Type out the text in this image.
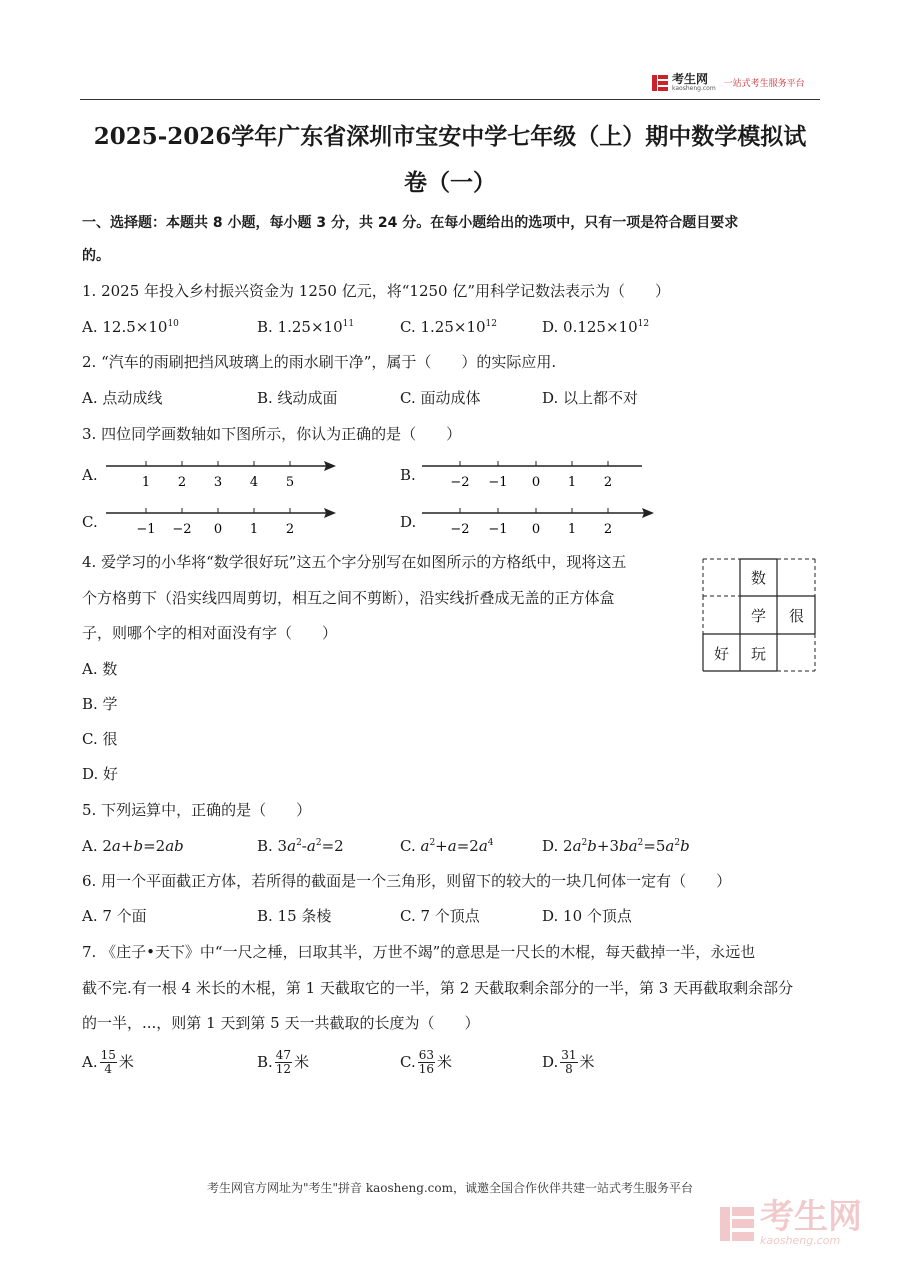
考生网
kaosheng.com 一站式考生服务平台
2025-2026学年广东省深圳市宝安中学七年级（上）期中数学模拟试
卷（一）
一、选择题：本题共 8 小题，每小题 3 分，共 24 分。在每小题给出的选项中，只有一项是符合题目要求
的。
1. 2025 年投入乡村振兴资金为 1250 亿元，将“1250 亿”用科学记数法表示为（　　）
A. $12.5\times 10^{10}$	B. $1.25\times 10^{11}$	C. $1.25\times 10^{12}$	D. $0.125\times 10^{12}$
2. “汽车的雨刷把挡风玻璃上的雨水刷干净”，属于（　　）的实际应用.
A. 点动成线	B. 线动成面	C. 面动成体	D. 以上都不对
3. 四位同学画数轴如下图所示，你认为正确的是（　　）
A.	1 2 3 4 5	B.	−2 −1 0 1 2
C.	−1 −2 0 1 2	D.	−2 −1 0 1 2
4. 爱学习的小华将“数学很好玩”这五个字分别写在如图所示的方格纸中，现将这五
个方格剪下（沿实线四周剪切，相互之间不剪断），沿实线折叠成无盖的正方体盒
子，则哪个字的相对面没有字（　　）
A. 数
B. 学
C. 很
D. 好
数
学	很
好	玩
5. 下列运算中，正确的是（　　）
A. 2a+b=2ab	B. $3a^2-a^2=2$	C. $a^2+a=2a^4$	D. $2a^2b+3ba^2=5a^2b$
6. 用一个平面截正方体，若所得的截面是一个三角形，则留下的较大的一块几何体一定有（　　）
A. 7 个面	B. 15 条棱	C. 7 个顶点	D. 10 个顶点
7. 《庄子•天下》中“一尺之棰，曰取其半，万世不竭”的意思是一尺长的木棍，每天截掉一半，永远也
截不完.有一根 4 米长的木棍，第 1 天截取它的一半，第 2 天截取剩余部分的一半，第 3 天再截取剩余部分
的一半，...，则第 1 天到第 5 天一共截取的长度为（　　）
A. $\frac{15}{4}$ 米	B. $\frac{47}{12}$ 米	C. $\frac{63}{16}$ 米	D. $\frac{31}{8}$ 米
考生网官方网址为"考生"拼音 kaosheng.com，诚邀全国合作伙伴共建一站式考生服务平台
考生网
kaosheng.com
